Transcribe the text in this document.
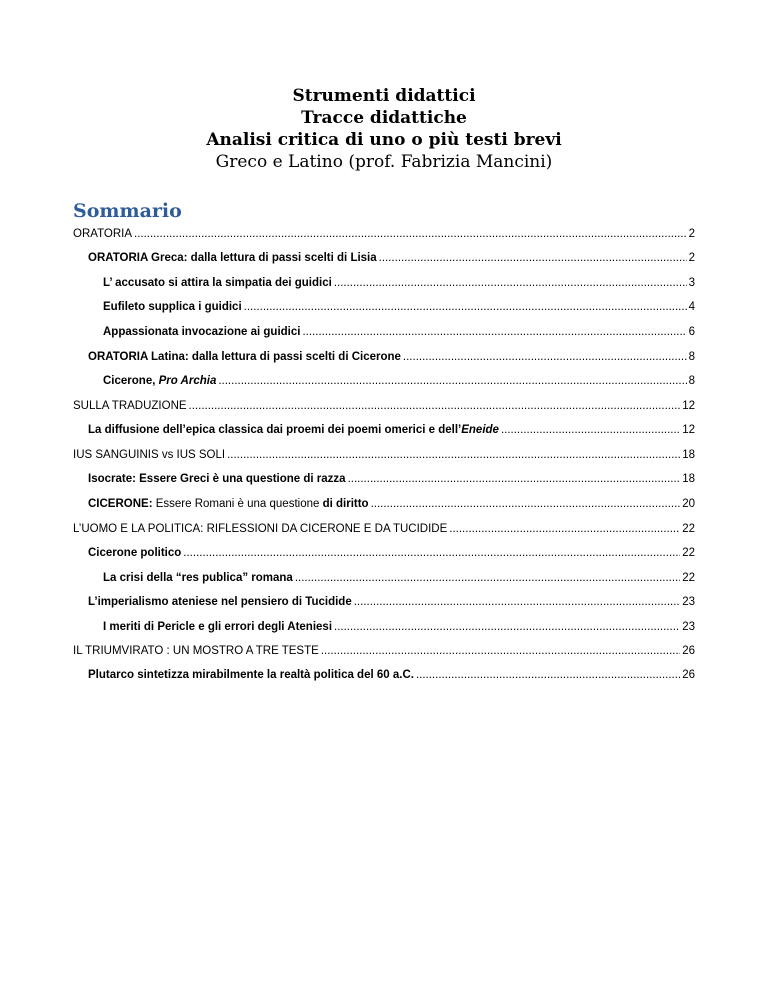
Strumenti didattici
Tracce didattiche
Analisi critica di uno o più testi brevi
Greco e Latino (prof. Fabrizia Mancini)
Sommario
ORATORIA .....	2
ORATORIA Greca: dalla lettura di passi scelti di Lisia .....	2
L’ accusato si attira la simpatia dei guidici .....	3
Eufileto supplica i guidici .....	4
Appassionata invocazione ai guidici .....	6
ORATORIA Latina: dalla lettura di passi scelti di Cicerone .....	8
Cicerone, Pro Archia .....	8
SULLA TRADUZIONE .....	12
La diffusione dell’epica classica dai proemi dei poemi omerici e dell’Eneide .....	12
IUS SANGUINIS vs IUS SOLI .....	18
Isocrate: Essere Greci è una questione di razza .....	18
CICERONE: Essere Romani è una questione di diritto .....	20
L’UOMO E LA POLITICA: RIFLESSIONI DA CICERONE E DA TUCIDIDE .....	22
Cicerone politico .....	22
La crisi della “res publica” romana .....	22
L’imperialismo ateniese nel pensiero di Tucidide .....	23
I meriti di Pericle e gli errori degli Ateniesi .....	23
IL TRIUMVIRATO : UN MOSTRO A TRE TESTE .....	26
Plutarco sintetizza mirabilmente la realtà politica del 60 a.C. .....	26
